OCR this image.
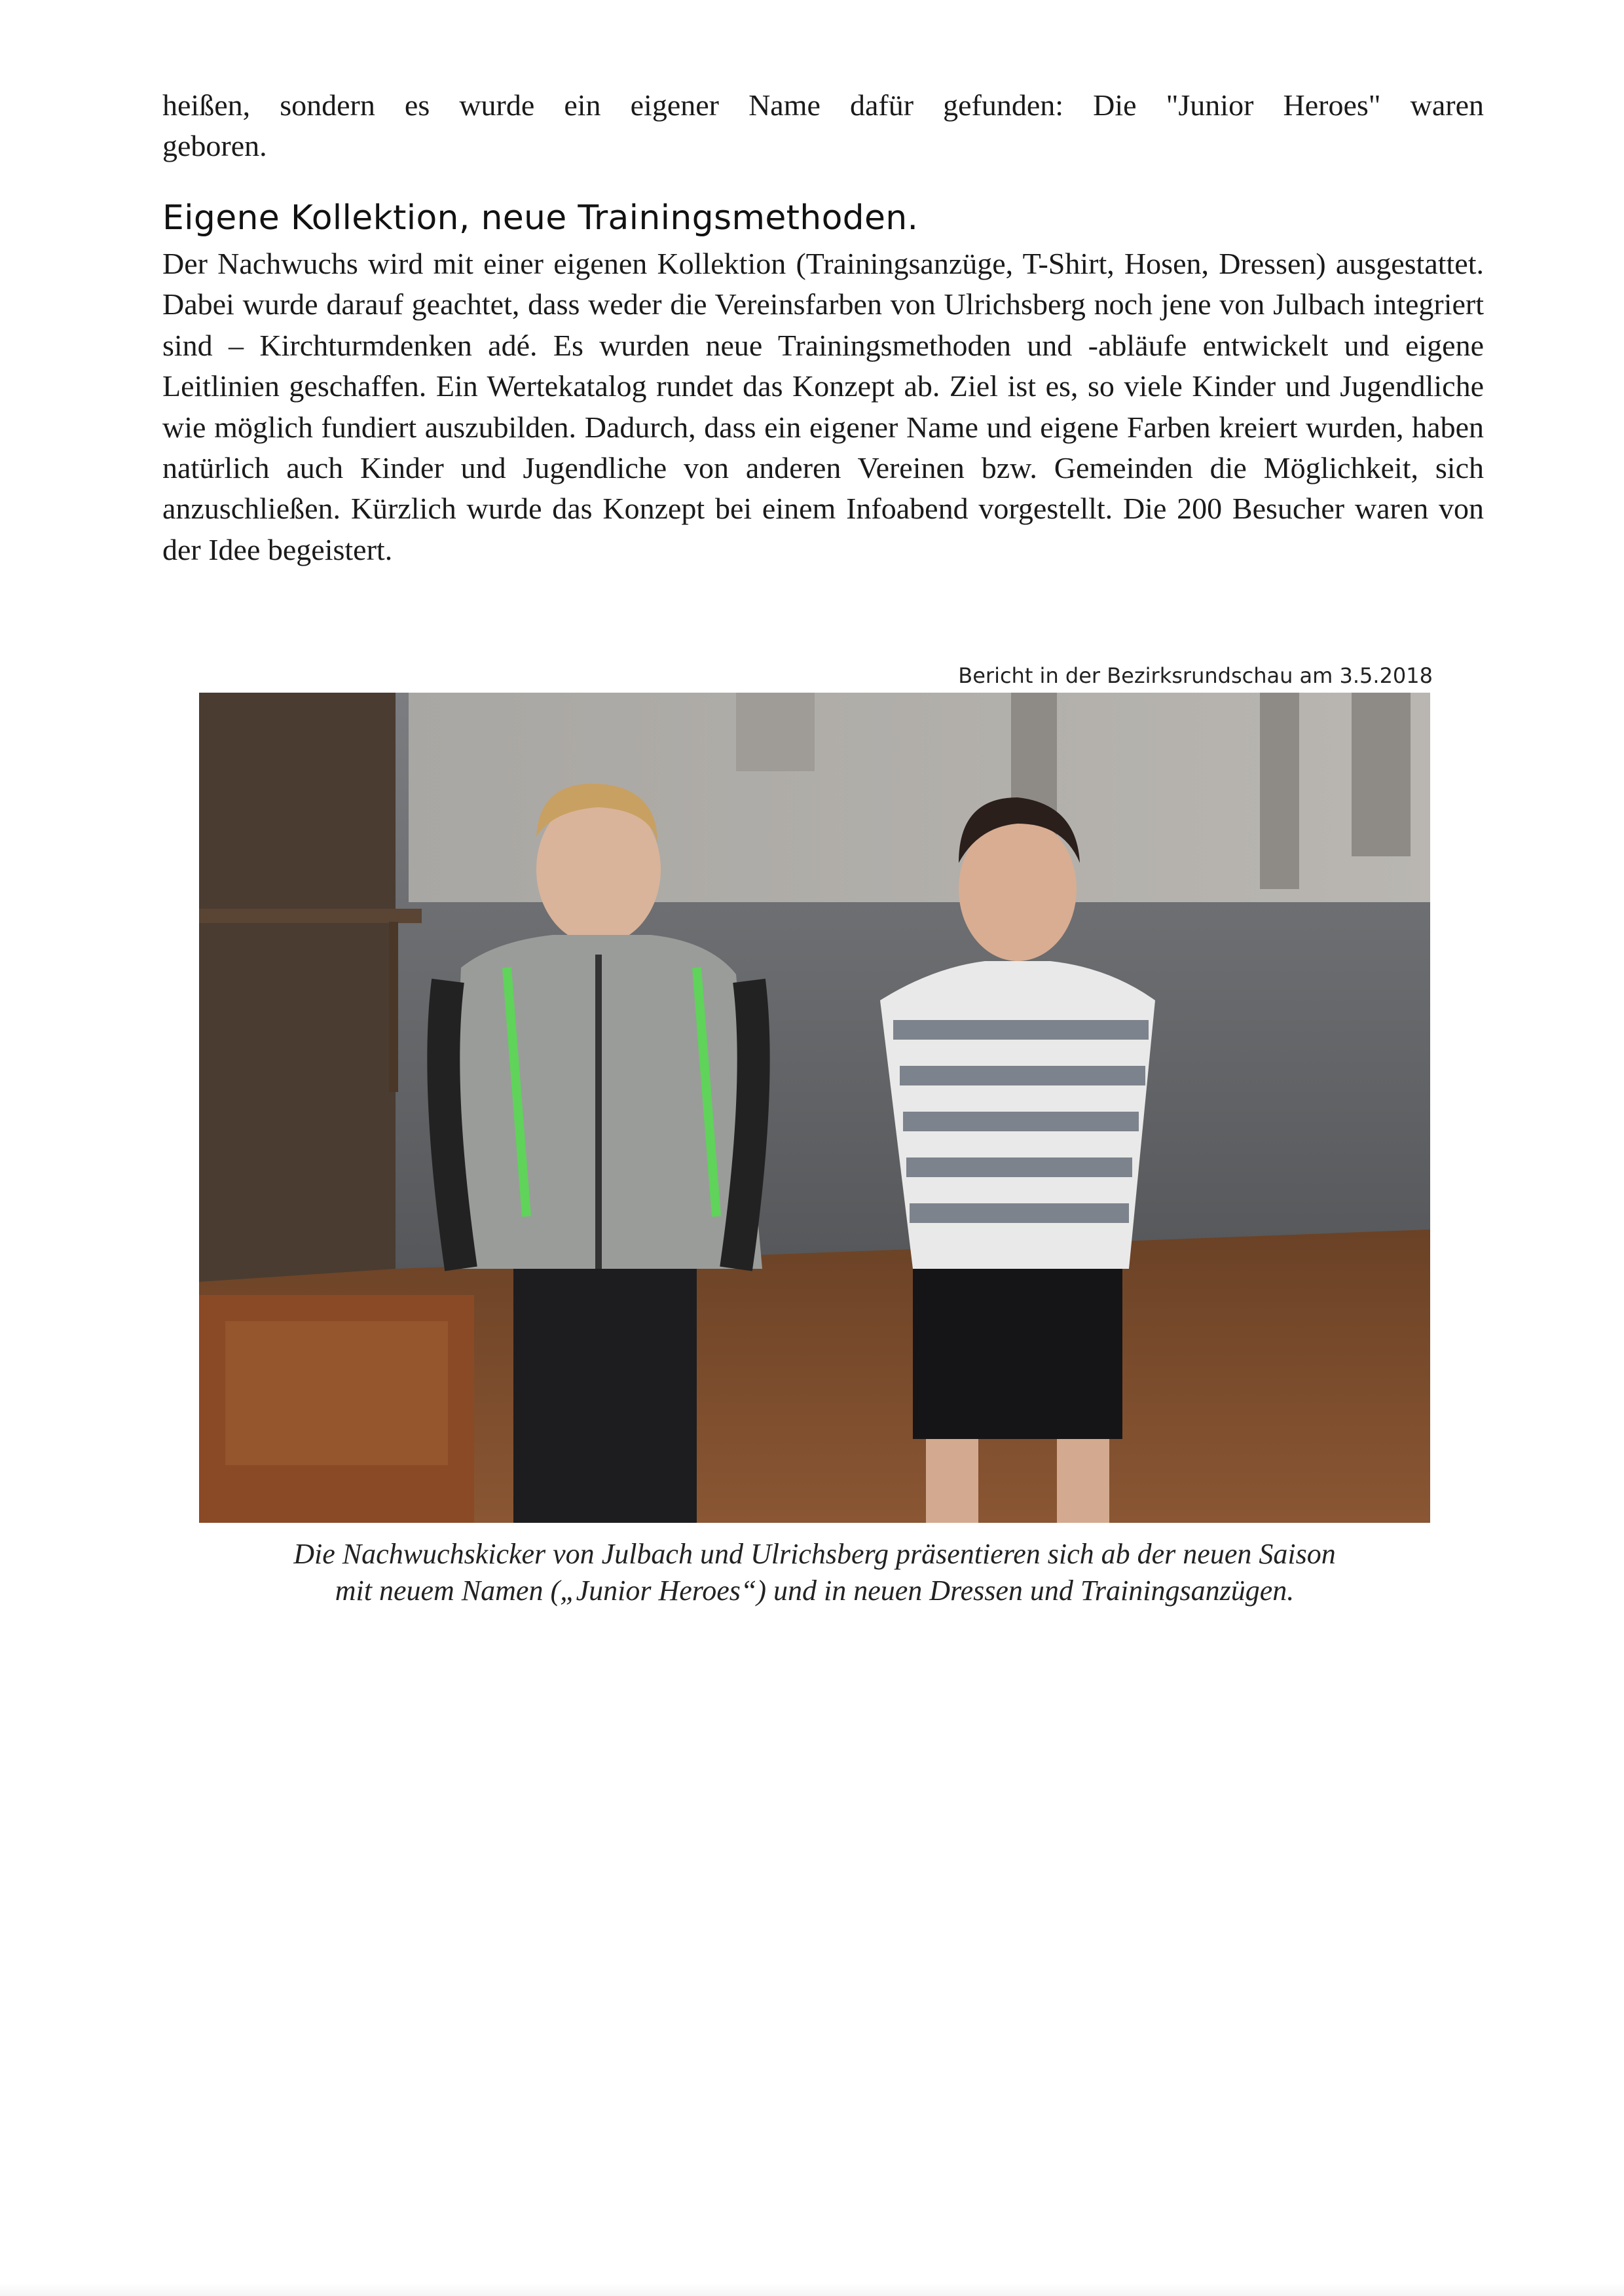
heißen, sondern es wurde ein eigener Name dafür gefunden: Die "Junior Heroes" waren
geboren.
Eigene Kollektion, neue Trainingsmethoden.
Der Nachwuchs wird mit einer eigenen Kollektion (Trainingsanzüge, T-Shirt, Hosen, Dressen) ausgestattet. Dabei wurde darauf geachtet, dass weder die Vereinsfarben von Ulrichsberg noch jene von Julbach integriert sind – Kirchturmdenken adé. Es wurden neue Trainingsmethoden und -abläufe entwickelt und eigene Leitlinien geschaffen. Ein Wertekatalog rundet das Konzept ab. Ziel ist es, so viele Kinder und Jugendliche wie möglich fundiert auszubilden. Dadurch, dass ein eigener Name und eigene Farben kreiert wurden, haben natürlich auch Kinder und Jugendliche von anderen Vereinen bzw. Gemeinden die Möglichkeit, sich anzuschließen. Kürzlich wurde das Konzept bei einem Infoabend vorgestellt. Die 200 Besucher waren von der Idee begeistert.
Bericht in der Bezirksrundschau am 3.5.2018
Die Nachwuchskicker von Julbach und Ulrichsberg präsentieren sich ab der neuen Saison
mit neuem Namen („Junior Heroes“) und in neuen Dressen und Trainingsanzügen.
